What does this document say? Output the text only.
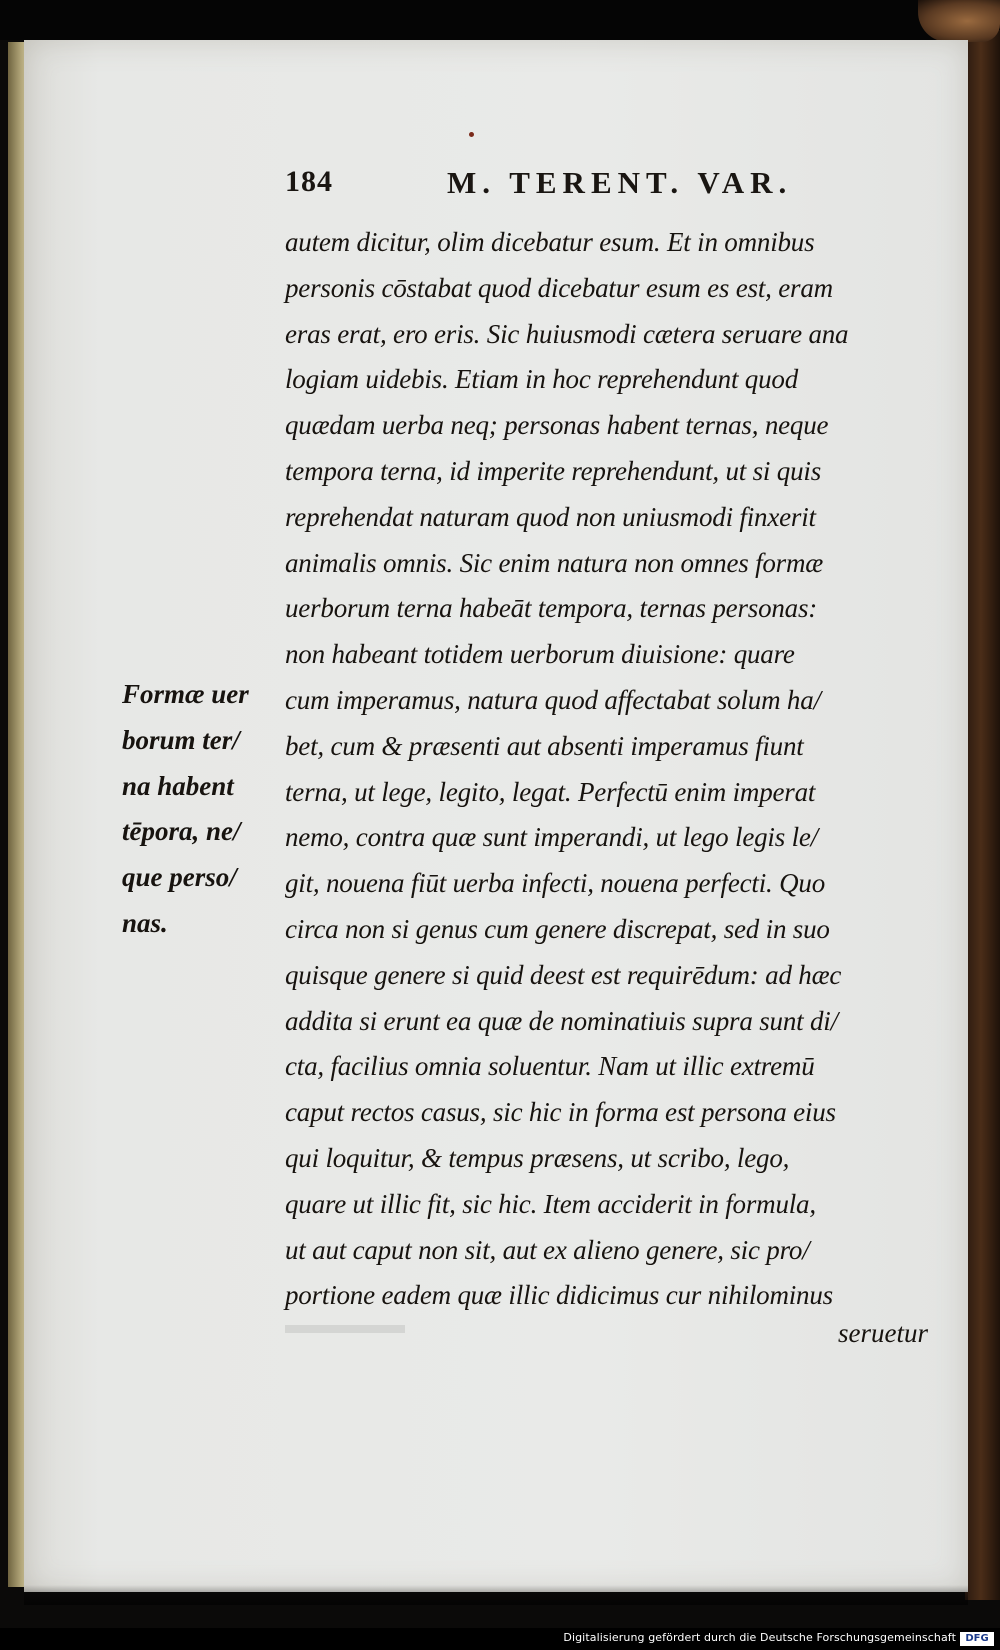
184	M. TERENT. VAR.
autem dicitur, olim dicebatur esum. Et in omnibus
personis cōstabat quod dicebatur esum es est, eram
eras erat, ero eris. Sic huiusmodi cætera seruare ana
logiam uidebis. Etiam in hoc reprehendunt quod
quædam uerba neq; personas habent ternas, neque
tempora terna, id imperite reprehendunt, ut si quis
reprehendat naturam quod non uniusmodi finxerit
animalis omnis. Sic enim natura non omnes formæ
uerborum terna habeāt tempora, ternas personas:
non habeant totidem uerborum diuisione: quare
cum imperamus, natura quod affectabat solum ha/
bet, cum & præsenti aut absenti imperamus fiunt
terna, ut lege, legito, legat. Perfectū enim imperat
nemo, contra quæ sunt imperandi, ut lego legis le/
git, nouena fiūt uerba infecti, nouena perfecti. Quo
circa non si genus cum genere discrepat, sed in suo
quisque genere si quid deest est requirēdum: ad hæc
addita si erunt ea quæ de nominatiuis supra sunt di/
cta, facilius omnia soluentur. Nam ut illic extremū
caput rectos casus, sic hic in forma est persona eius
qui loquitur, & tempus præsens, ut scribo, lego,
quare ut illic fit, sic hic. Item acciderit in formula,
ut aut caput non sit, aut ex alieno genere, sic pro/
portione eadem quæ illic didicimus cur nihilominus
seruetur
Formæ uer
borum ter/
na habent
tēpora, ne/
que perso/
nas.
Digitalisierung gefördert durch die Deutsche Forschungsgemeinschaft DFG
